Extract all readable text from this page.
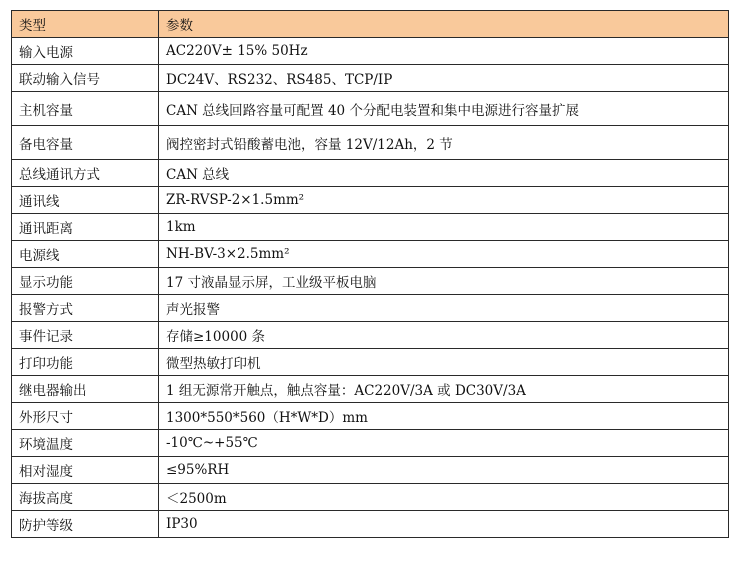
类型	参数
输入电源	AC220V± 15% 50Hz
联动输入信号	DC24V、RS232、RS485、TCP/IP
主机容量	CAN 总线回路容量可配置 40 个分配电装置和集中电源进行容量扩展
备电容量	阀控密封式铅酸蓄电池，容量 12V/12Ah，2 节
总线通讯方式	CAN 总线
通讯线	ZR-RVSP-2×1.5mm²
通讯距离	1km
电源线	NH-BV-3×2.5mm²
显示功能	17 寸液晶显示屏，工业级平板电脑
报警方式	声光报警
事件记录	存储≥10000 条
打印功能	微型热敏打印机
继电器输出	1 组无源常开触点，触点容量：AC220V/3A 或 DC30V/3A
外形尺寸	1300*550*560（H*W*D）mm
环境温度	-10℃~+55℃
相对湿度	≤95%RH
海拔高度	＜2500m
防护等级	IP30
